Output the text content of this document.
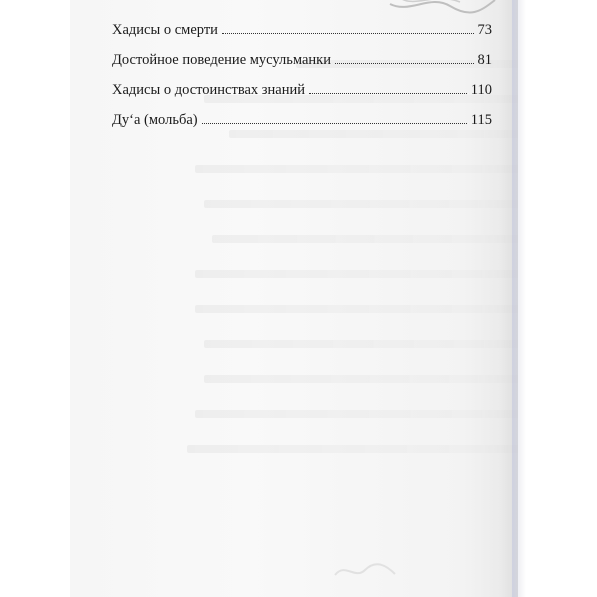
Хадисы о смерти	73
Достойное поведение мусульманки	81
Хадисы о достоинствах знаний	110
Ду‘а (мольба)	115
